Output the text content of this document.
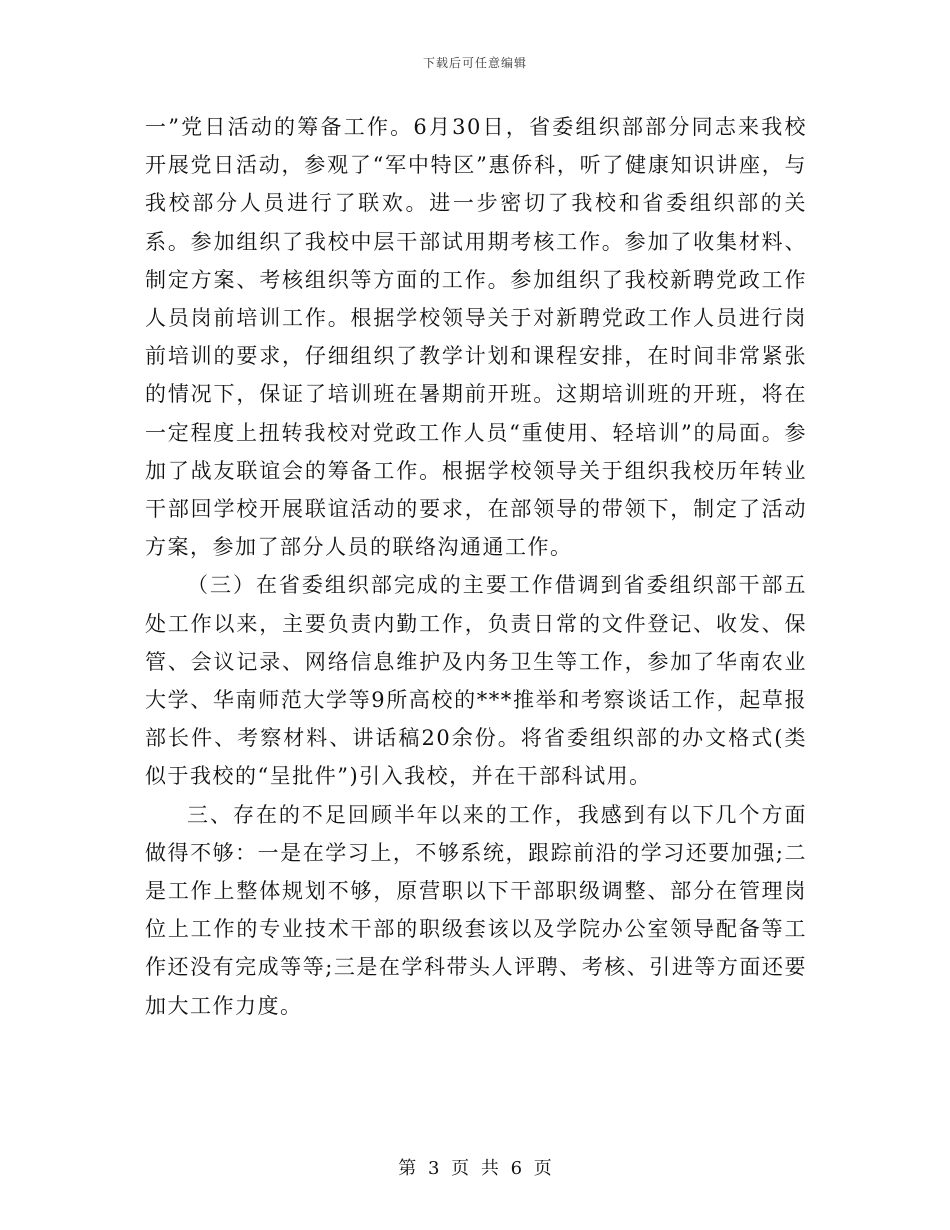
下载后可任意编辑

一”党日活动的筹备工作。6月30日，省委组织部部分同志来我校开展党日活动，参观了“军中特区”惠侨科，听了健康知识讲座，与我校部分人员进行了联欢。进一步密切了我校和省委组织部的关系。参加组织了我校中层干部试用期考核工作。参加了收集材料、制定方案、考核组织等方面的工作。参加组织了我校新聘党政工作人员岗前培训工作。根据学校领导关于对新聘党政工作人员进行岗前培训的要求，仔细组织了教学计划和课程安排，在时间非常紧张的情况下，保证了培训班在暑期前开班。这期培训班的开班，将在一定程度上扭转我校对党政工作人员“重使用、轻培训”的局面。参加了战友联谊会的筹备工作。根据学校领导关于组织我校历年转业干部回学校开展联谊活动的要求，在部领导的带领下，制定了活动方案，参加了部分人员的联络沟通通工作。

（三）在省委组织部完成的主要工作借调到省委组织部干部五处工作以来，主要负责内勤工作，负责日常的文件登记、收发、保管、会议记录、网络信息维护及内务卫生等工作，参加了华南农业大学、华南师范大学等9所高校的***推举和考察谈话工作，起草报部长件、考察材料、讲话稿20余份。将省委组织部的办文格式(类似于我校的“呈批件”)引入我校，并在干部科试用。

三、存在的不足回顾半年以来的工作，我感到有以下几个方面做得不够：一是在学习上，不够系统，跟踪前沿的学习还要加强;二是工作上整体规划不够，原营职以下干部职级调整、部分在管理岗位上工作的专业技术干部的职级套该以及学院办公室领导配备等工作还没有完成等等;三是在学科带头人评聘、考核、引进等方面还要加大工作力度。

第 3 页 共 6 页
